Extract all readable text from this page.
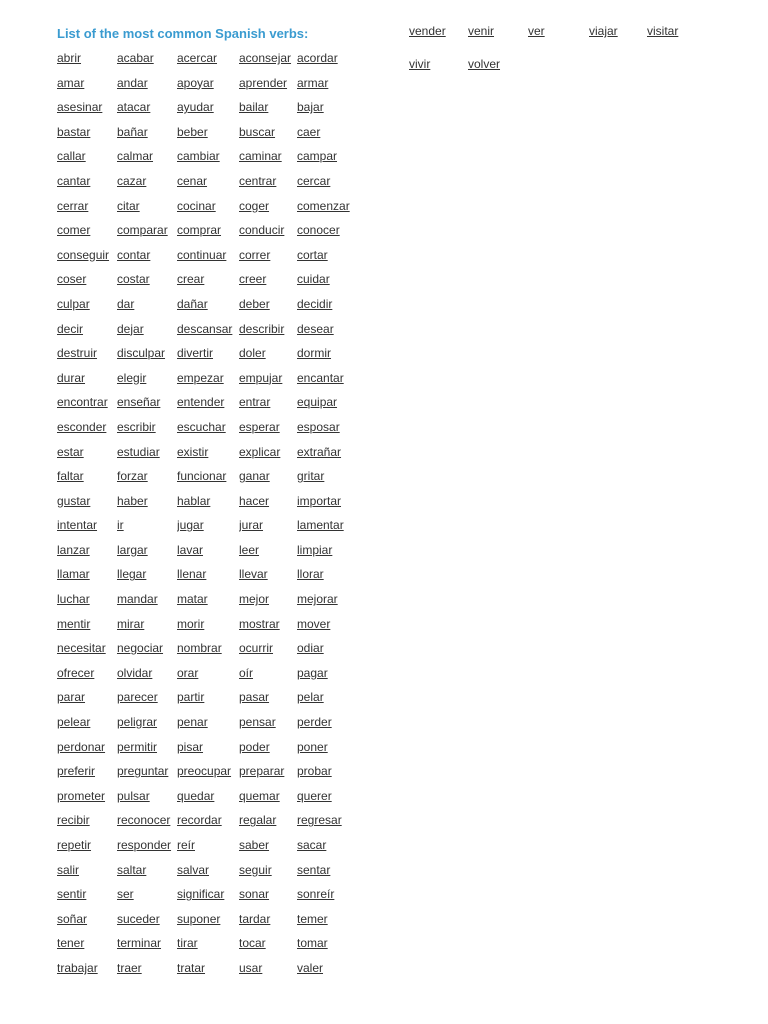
List of the most common Spanish verbs:
abrir	acabar	acercar	aconsejar acordar
amar	andar	apoyar	aprender armar
asesinar	atacar	ayudar	bailar	bajar
bastar	bañar	beber	buscar	caer
callar	calmar	cambiar	caminar	campar
cantar	cazar	cenar	centrar	cercar
cerrar	citar	cocinar	coger	comenzar
comer	comparar comprar	conducir	conocer
conseguir contar	continuar	correr	cortar
coser	costar	crear	creer	cuidar
culpar	dar	dañar	deber	decidir
decir	dejar	descansar describir	desear
destruir	disculpar divertir	doler	dormir
durar	elegir	empezar	empujar	encantar
encontrar enseñar	entender	entrar	equipar
esconder escribir	escuchar	esperar	esposar
estar	estudiar	existir	explicar	extrañar
faltar	forzar	funcionar	ganar	gritar
gustar	haber	hablar	hacer	importar
intentar	ir	jugar	jurar	lamentar
lanzar	largar	lavar	leer	limpiar
llamar	llegar	llenar	llevar	llorar
luchar	mandar	matar	mejor	mejorar
mentir	mirar	morir	mostrar	mover
necesitar negociar	nombrar	ocurrir	odiar
ofrecer	olvidar	orar	oír	pagar
parar	parecer	partir	pasar	pelar
pelear	peligrar	penar	pensar	perder
perdonar permitir	pisar	poder	poner
preferir	preguntar preocupar preparar	probar
prometer pulsar	quedar	quemar	querer
recibir	reconocer recordar	regalar	regresar
repetir	responder reír	saber	sacar
salir	saltar	salvar	seguir	sentar
sentir	ser	significar	sonar	sonreír
soñar	suceder	suponer	tardar	temer
tener	terminar	tirar	tocar	tomar
trabajar	traer	tratar	usar	valer
vender	venir	ver	viajar	visitar
vivir	volver
